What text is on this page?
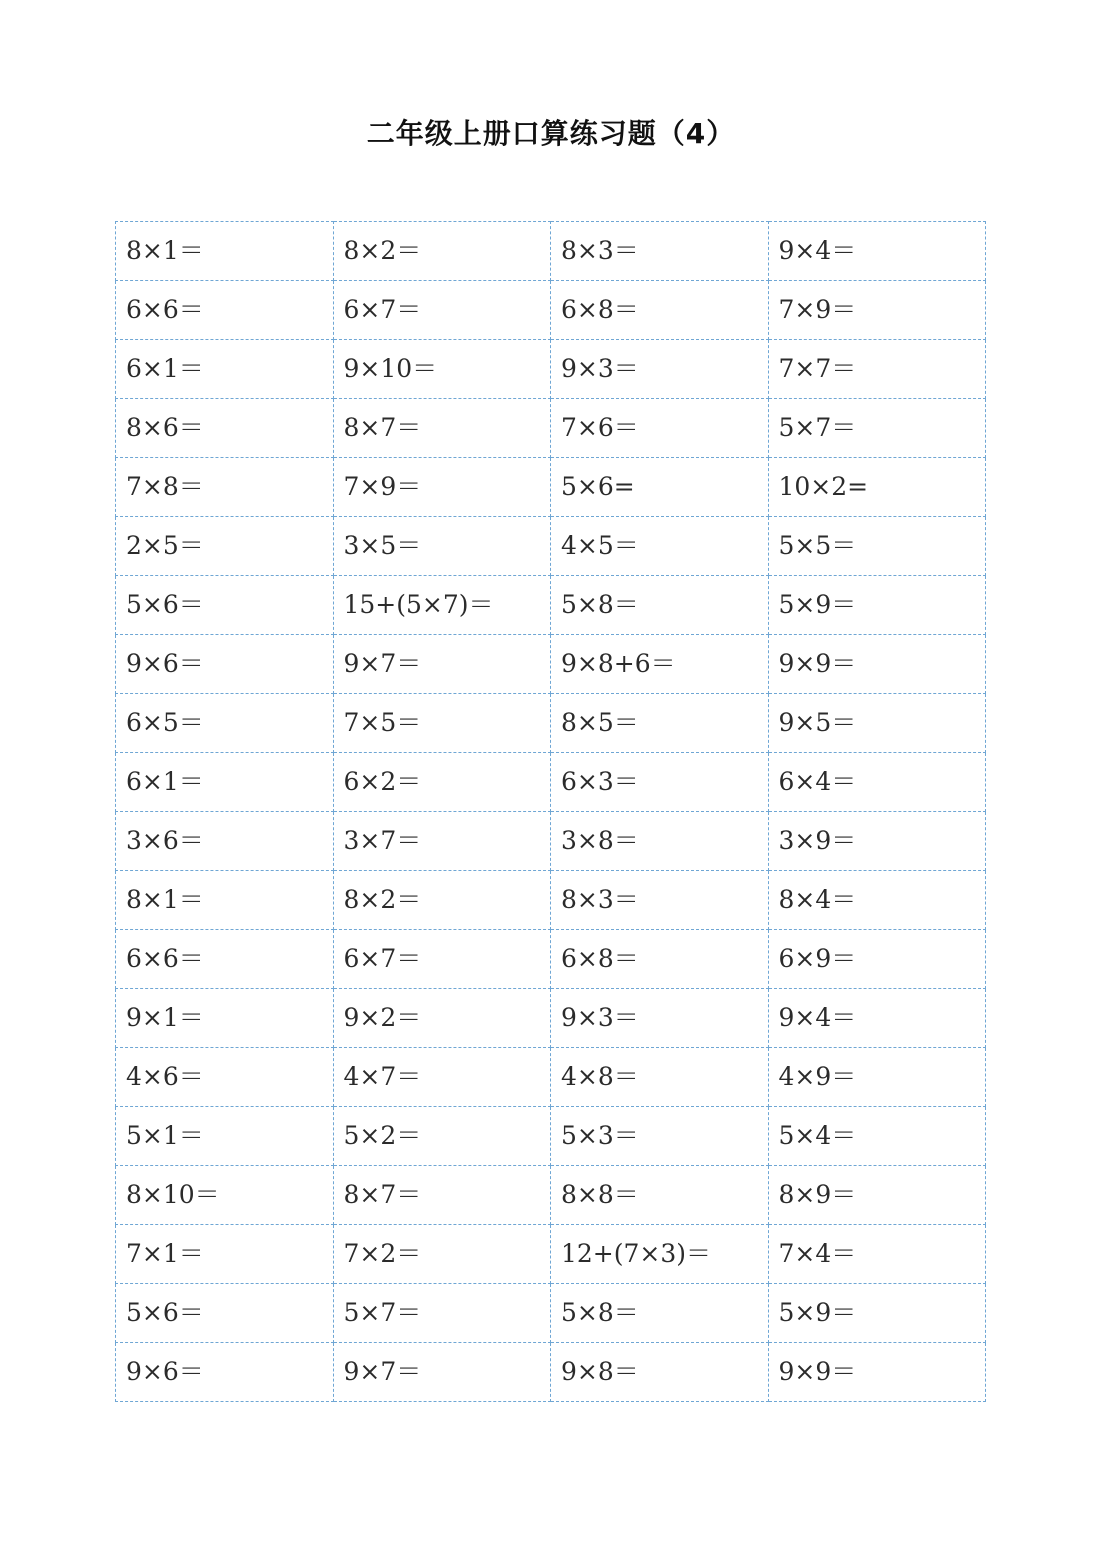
二年级上册口算练习题（4）
8×1＝	8×2＝	8×3＝	9×4＝
6×6＝	6×7＝	6×8＝	7×9＝
6×1＝	9×10＝	9×3＝	7×7＝
8×6＝	8×7＝	7×6＝	5×7＝
7×8＝	7×9＝	5×6=	10×2=
2×5＝	3×5＝	4×5＝	5×5＝
5×6＝	15+(5×7)＝	5×8＝	5×9＝
9×6＝	9×7＝	9×8+6＝	9×9＝
6×5＝	7×5＝	8×5＝	9×5＝
6×1＝	6×2＝	6×3＝	6×4＝
3×6＝	3×7＝	3×8＝	3×9＝
8×1＝	8×2＝	8×3＝	8×4＝
6×6＝	6×7＝	6×8＝	6×9＝
9×1＝	9×2＝	9×3＝	9×4＝
4×6＝	4×7＝	4×8＝	4×9＝
5×1＝	5×2＝	5×3＝	5×4＝
8×10＝	8×7＝	8×8＝	8×9＝
7×1＝	7×2＝	12+(7×3)＝	7×4＝
5×6＝	5×7＝	5×8＝	5×9＝
9×6＝	9×7＝	9×8＝	9×9＝
